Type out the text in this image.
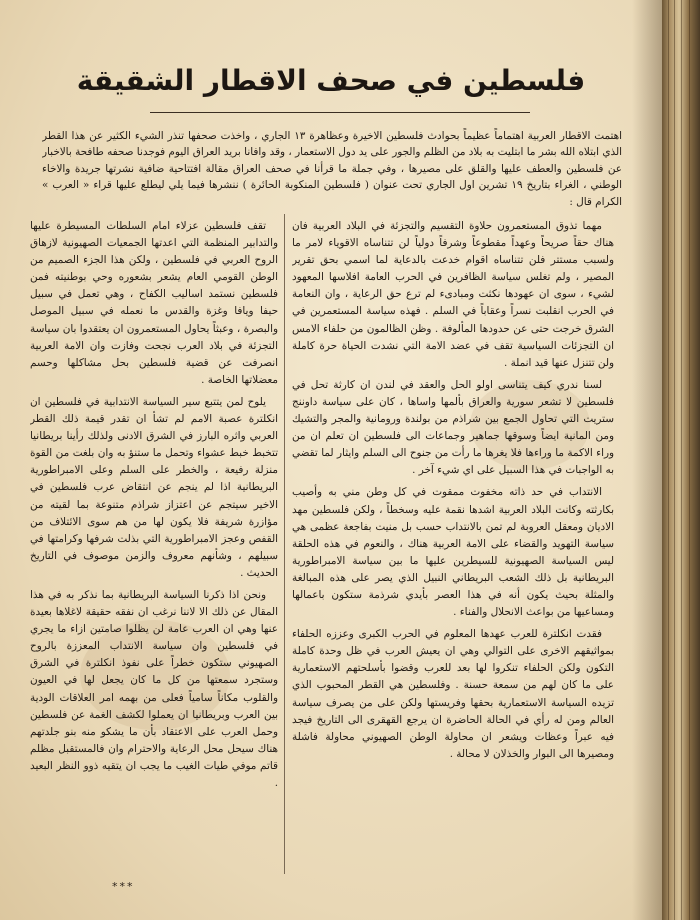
فلسطين في صحف الاقطار الشقيقة
اهتمت الاقطار العربية اهتماماً عظيماً بحوادث فلسطين الاخيرة وعظاهرة ١٣ الجاري ، واخذت صحفها تنذر الشيء الكثير عن هذا القطر الذي ابتلاه الله بشر ما ابتليت به بلاد من الظلم والجور على يد دول الاستعمار ، وقد وافانا بريد العراق اليوم فوجدنا صحفه طافحة بالاخبار عن فلسطين والعطف عليها والقلق على مصيرها ، وفي جملة ما قرأنا في صحف العراق مقالة افتتاحية ضافية نشرتها جريدة والاخاء الوطني ، الغراء بتاريخ ١٩ تشرين اول الجاري تحت عنوان ( فلسطين المنكوبة الحائرة ) ننشرها فيما يلي ليطلع عليها قراء « العرب » الكرام قال :

مهما تذوق المستعمرون حلاوة التقسيم والتجزئة في البلاد العربية فان هناك حقاً صريحاً وعهداً مقطوعاً وشرفاً دولياً لن تتناساه الاقوياء لامر ما ولسبب مستتر فلن تتناساه اقوام خدعت بالدعاية لما اسمي بحق تقرير المصير ، ولم تغلس سياسة الظافرين في الحرب العامة افلاسها المعهود لشيء ، سوى ان عهودها نكثت ومبادىء لم ترع حق الرعاية ، وان النعامة في الحرب انقلبت نسراً وعقاباً في السلم . فهذه سياسة المستعمرين في الشرق خرجت حتى عن حدودها المألوفة . وظن الظالمون من حلفاء الامس ان التجزئات السياسية تقف في عضد الامة التي نشدت الحياة حرة كاملة ولن تتنزل عنها قيد انملة .

لسنا ندري كيف يتناسى اولو الحل والعقد في لندن ان كارثة تحل في فلسطين لا تشعر سورية والعراق بألمها واساها ، كان على سياسة داوننج ستريت التي تحاول الجمع بين شراذم من بولندة ورومانية والمجر والتشيك ومن المانية ايضاً وسوقها جماهير وجماعات الى فلسطين ان تعلم ان من وراء الاكمة ما وراءها فلا يغرها ما رأت من جنوح الى السلم وايثار لما تقضي به الواجبات في هذا السبيل على اي شيء آخر .

الانتداب في حد ذاته مخفوت ممقوت في كل وطن مني به وأصيب بكارثته وكانت البلاد العربية اشدها نقمة عليه وسخطاً ، ولكن فلسطين مهد الاديان ومعقل العروبة لم تمن بالانتداب حسب بل منيت بفاجعة عظمى هي سياسة التهويد والقضاء على الامة العربية هناك ، والنعوم في هذه الحلقة ليس السياسة الصهيونية للسيطرين عليها ما بين سياسة الامبراطورية البريطانية بل ذلك الشعب البريطاني النبيل الذي يصر على هذه المبالغة والمثلة بحيث يكون أنه في هذا العصر بأيدي شرذمة ستكون باعمالها ومساعيها من بواعث الانحلال والفناء .

فقدت انكلترة للعرب عهدها المعلوم في الحرب الكبرى وعززه الحلفاء بمواثيقهم الاخرى على التوالي وهي ان يعيش العرب في ظل وحدة كاملة التكون ولكن الحلفاء تنكروا لها بعد للعرب وقضوا بأسلحتهم الاستعمارية على ما كان لهم من سمعة حسنة . وفلسطين هي القطر المحبوب الذي تزيده السياسة الاستعمارية بحقها وفريستها ولكن على من يصرف سياسة العالم ومن له رأي في الحالة الحاضرة ان يرجع القهقرى الى التاريخ فيجد فيه عبراً وعظات ويشعر ان محاولة الوطن الصهيوني محاولة فاشلة ومصيرها الى البوار والخذلان لا محالة .

تقف فلسطين عزلاء امام السلطات المسيطرة عليها والتدابير المنظمة التي اعدتها الجمعيات الصهيونية لازهاق الروح العربي في فلسطين ، ولكن هذا الجزء الصميم من الوطن القومي العام يشعر بشعوره وحي بوطنيته فمن فلسطين نستمد اساليب الكفاح ، وهي تعمل في سبيل حيفا ويافا وغزة والقدس ما نعمله في سبيل الموصل والبصرة ، وعبثاً يحاول المستعمرون ان يعتقدوا بان سياسة التجزئة في بلاد العرب نجحت وفازت وان الامة العربية انصرفت عن قضية فلسطين بحل مشاكلها وحسم معضلاتها الخاصة .

يلوح لمن يتتبع سير السياسة الانتدابية في فلسطين ان انكلترة عصبة الامم لم تشأ ان تقدر قيمة ذلك القطر العربي واثره البارز في الشرق الادنى ولذلك رأينا بريطانيا تتخبط خبط عشواء وتحمل ما ستنؤ به وان بلغت من القوة منزلة رفيعة ، والخطر على السلم وعلى الامبراطورية البريطانية اذا لم ينجم عن انتقاض عرب فلسطين في الاخير سيتجم عن اعتزاز شراذم متنوعة بما لقيته من مؤازرة شريفة فلا يكون لها من هم سوى الائتلاف من القفص وعجز الامبراطورية التي بذلت شرفها وكرامتها في سبيلهم ، وشأنهم معروف والزمن موصوف في التاريخ الحديث .

ونحن اذا ذكرنا السياسة البريطانية بما نذكر به في هذا المقال عن ذلك الا لاننا نرغب ان نفقه حقيقة لاغلاها بعيدة عنها وهي ان العرب عامة لن يظلوا صامتين ازاء ما يجري في فلسطين وان سياسة الانتداب المعززة بالروح الصهيوني ستكون خطراً على نفوذ انكلترة في الشرق وستجرد سمعتها من كل ما كان يجعل لها في العيون والقلوب مكاناً سامياً فعلى من بهمه امر العلاقات الودية بين العرب وبريطانيا ان يعملوا لكشف الغمة عن فلسطين وحمل العرب على الاعتقاد بأن ما يشكو منه بنو جلدتهم هناك سيحل محل الرعاية والاحترام وان فالمستقبل مظلم قاتم موفي طيات الغيب ما يجب ان يتقيه ذوو النظر البعيد .

***
